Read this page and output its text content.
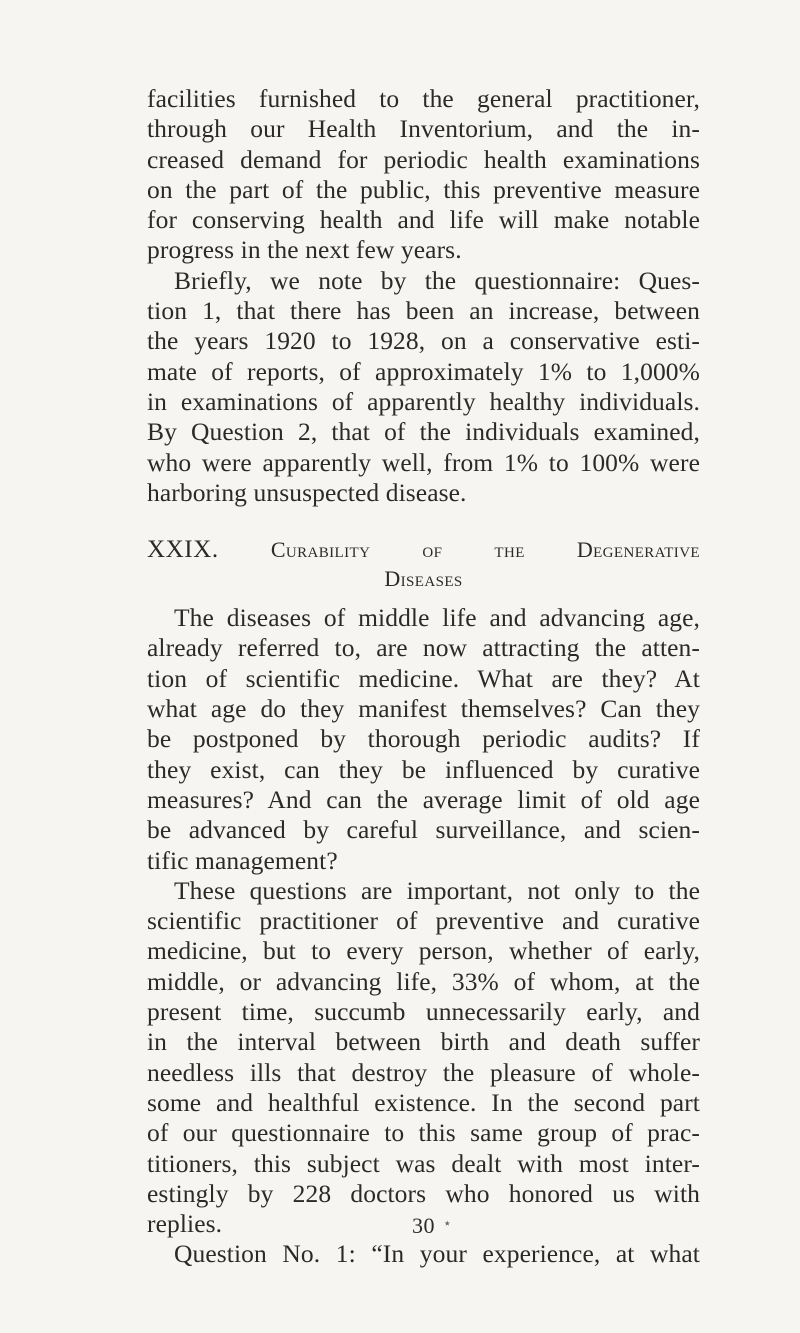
facilities furnished to the general practitioner,
through our Health Inventorium, and the in-
creased demand for periodic health examinations
on the part of the public, this preventive measure
for conserving health and life will make notable
progress in the next few years.
Briefly, we note by the questionnaire: Ques-
tion 1, that there has been an increase, between
the years 1920 to 1928, on a conservative esti-
mate of reports, of approximately 1% to 1,000%
in examinations of apparently healthy individuals.
By Question 2, that of the individuals examined,
who were apparently well, from 1% to 100% were
harboring unsuspected disease.
XXIX. Curability of the Degenerative
Diseases
The diseases of middle life and advancing age,
already referred to, are now attracting the atten-
tion of scientific medicine. What are they? At
what age do they manifest themselves? Can they
be postponed by thorough periodic audits? If
they exist, can they be influenced by curative
measures? And can the average limit of old age
be advanced by careful surveillance, and scien-
tific management?
These questions are important, not only to the
scientific practitioner of preventive and curative
medicine, but to every person, whether of early,
middle, or advancing life, 33% of whom, at the
present time, succumb unnecessarily early, and
in the interval between birth and death suffer
needless ills that destroy the pleasure of whole-
some and healthful existence. In the second part
of our questionnaire to this same group of prac-
titioners, this subject was dealt with most inter-
estingly by 228 doctors who honored us with
replies.
Question No. 1: “In your experience, at what
30 ٭
